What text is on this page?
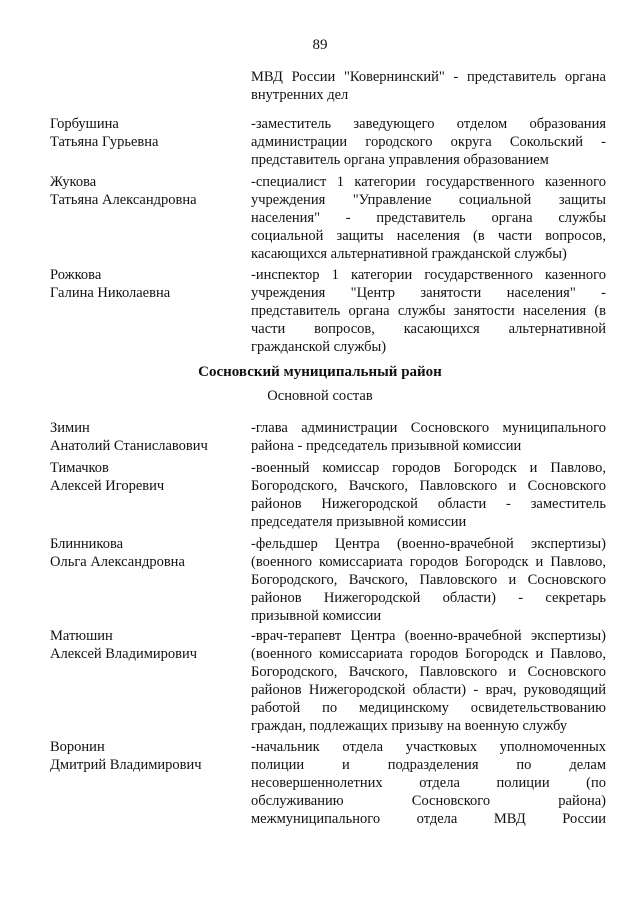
89
МВД России "Ковернинский" - представитель органа
внутренних дел
Горбушина
Татьяна Гурьевна
-заместитель заведующего отделом образования
администрации городского округа Сокольский -
представитель органа управления образованием
Жукова
Татьяна Александровна
-специалист 1 категории государственного казенного
учреждения "Управление социальной защиты
населения" - представитель органа службы
социальной защиты населения (в части вопросов,
касающихся альтернативной гражданской службы)
Рожкова
Галина Николаевна
-инспектор 1 категории государственного казенного
учреждения "Центр занятости населения" -
представитель органа службы занятости населения (в
части вопросов, касающихся альтернативной
гражданской службы)
Сосновский муниципальный район
Основной состав
Зимин
Анатолий Станиславович
-глава администрации Сосновского муниципального
района - председатель призывной комиссии
Тимачков
Алексей Игоревич
-военный комиссар городов Богородск и Павлово,
Богородского, Вачского, Павловского и Сосновского
районов Нижегородской области - заместитель
председателя призывной комиссии
Блинникова
Ольга Александровна
-фельдшер Центра (военно-врачебной экспертизы)
(военного комиссариата городов Богородск и Павлово,
Богородского, Вачского, Павловского и Сосновского
районов Нижегородской области) - секретарь
призывной комиссии
Матюшин
Алексей Владимирович
-врач-терапевт Центра (военно-врачебной экспертизы)
(военного комиссариата городов Богородск и Павлово,
Богородского, Вачского, Павловского и Сосновского
районов Нижегородской области) - врач, руководящий
работой по медицинскому освидетельствованию
граждан, подлежащих призыву на военную службу
Воронин
Дмитрий Владимирович
-начальник отдела участковых уполномоченных
полиции и подразделения по делам
несовершеннолетних отдела полиции (по
обслуживанию Сосновского района)
межмуниципального отдела МВД России
